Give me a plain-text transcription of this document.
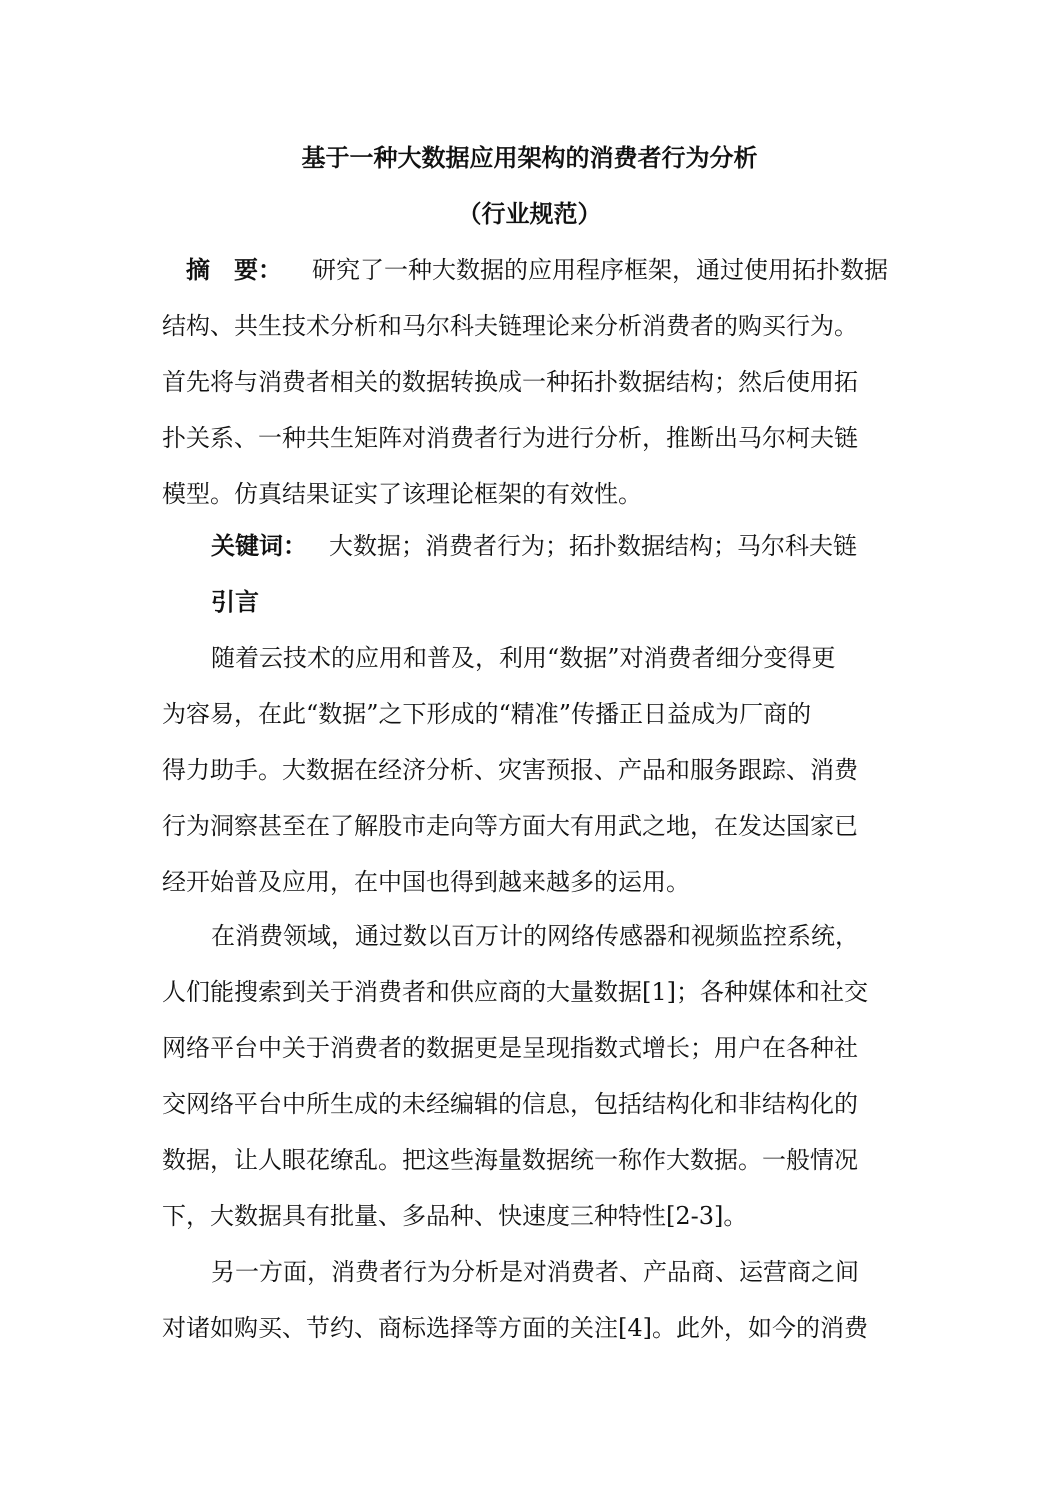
基于一种大数据应用架构的消费者行为分析
（行业规范）
摘　要： 研究了一种大数据的应用程序框架，通过使用拓扑数据
结构、共生技术分析和马尔科夫链理论来分析消费者的购买行为。
首先将与消费者相关的数据转换成一种拓扑数据结构；然后使用拓
扑关系、一种共生矩阵对消费者行为进行分析，推断出马尔柯夫链
模型。仿真结果证实了该理论框架的有效性。
关键词： 大数据；消费者行为；拓扑数据结构；马尔科夫链
引言
随着云技术的应用和普及，利用“数据”对消费者细分变得更
为容易，在此“数据”之下形成的“精准”传播正日益成为厂商的
得力助手。大数据在经济分析、灾害预报、产品和服务跟踪、消费
行为洞察甚至在了解股市走向等方面大有用武之地，在发达国家已
经开始普及应用，在中国也得到越来越多的运用。
在消费领域，通过数以百万计的网络传感器和视频监控系统，
人们能搜索到关于消费者和供应商的大量数据[1]；各种媒体和社交
网络平台中关于消费者的数据更是呈现指数式增长；用户在各种社
交网络平台中所生成的未经编辑的信息，包括结构化和非结构化的
数据，让人眼花缭乱。把这些海量数据统一称作大数据。一般情况
下，大数据具有批量、多品种、快速度三种特性[2-3]。
另一方面，消费者行为分析是对消费者、产品商、运营商之间
对诸如购买、节约、商标选择等方面的关注[4]。此外，如今的消费
